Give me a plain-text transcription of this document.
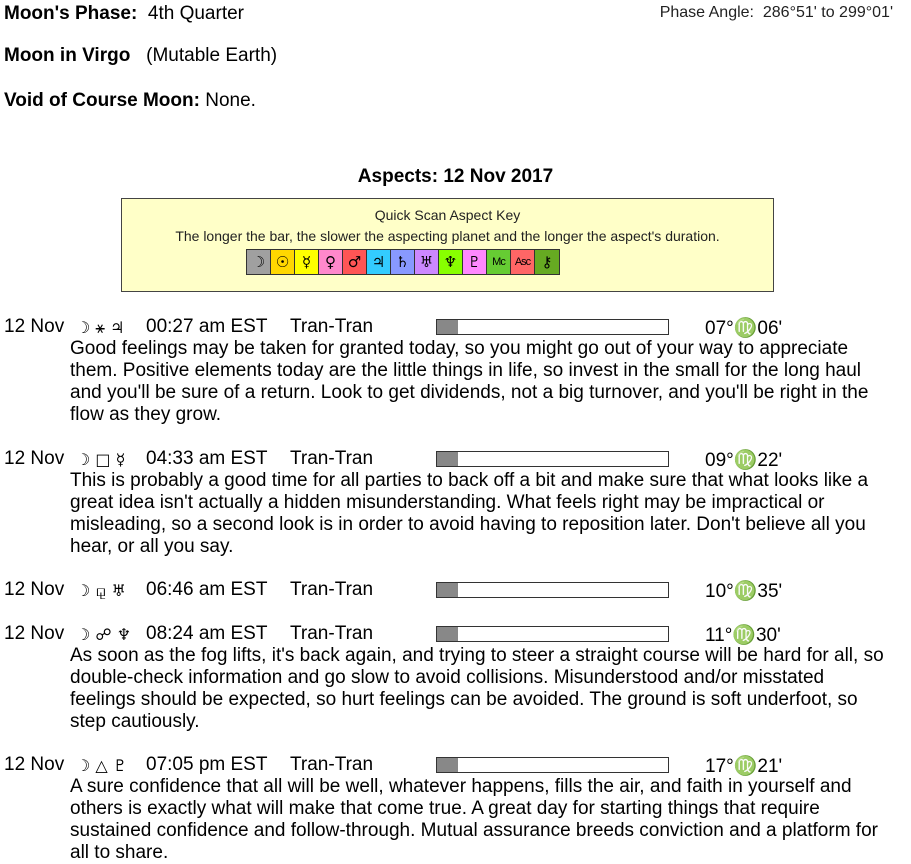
Moon's Phase: 4th Quarter	Phase Angle: 286°51' to 299°01'
Moon in Virgo (Mutable Earth)
Void of Course Moon: None.
Aspects: 12 Nov 2017
Quick Scan Aspect Key
The longer the bar, the slower the aspecting planet and the longer the aspect's duration.
☽ ☉ ☿ ♀ ♂ ♃ ♄ ♅ ♆ ♇ Mc Asc ⚷
12 Nov ☽ ⚹ ♃ 00:27 am EST Tran-Tran	07°♍06'
Good feelings may be taken for granted today, so you might go out of your way to appreciate them. Positive elements today are the little things in life, so invest in the small for the long haul and you'll be sure of a return. Look to get dividends, not a big turnover, and you'll be right in the flow as they grow.
12 Nov ☽ □ ☿ 04:33 am EST Tran-Tran	09°♍22'
This is probably a good time for all parties to back off a bit and make sure that what looks like a great idea isn't actually a hidden misunderstanding. What feels right may be impractical or misleading, so a second look is in order to avoid having to reposition later. Don't believe all you hear, or all you say.
12 Nov ☽ ⚼ ♅ 06:46 am EST Tran-Tran	10°♍35'
12 Nov ☽ ☍ ♆ 08:24 am EST Tran-Tran	11°♍30'
As soon as the fog lifts, it's back again, and trying to steer a straight course will be hard for all, so double-check information and go slow to avoid collisions. Misunderstood and/or misstated feelings should be expected, so hurt feelings can be avoided. The ground is soft underfoot, so step cautiously.
12 Nov ☽ △ ♇ 07:05 pm EST Tran-Tran	17°♍21'
A sure confidence that all will be well, whatever happens, fills the air, and faith in yourself and others is exactly what will make that come true. A great day for starting things that require sustained confidence and follow-through. Mutual assurance breeds conviction and a platform for all to share.
